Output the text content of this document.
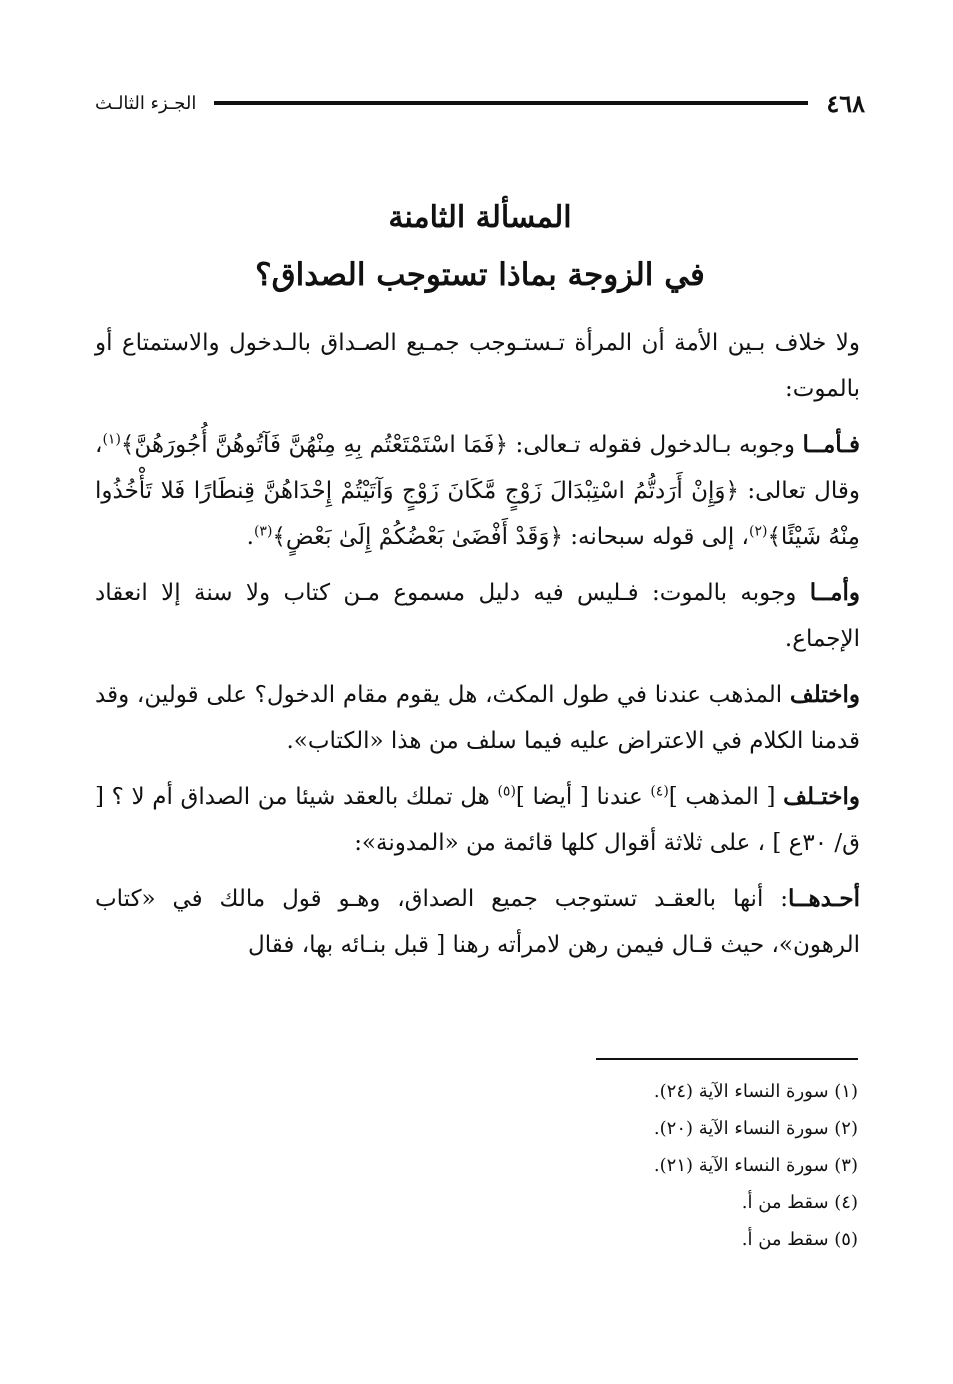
٤٦٨
الجـزء الثالـث
المسألة الثامنة
في الزوجة بماذا تستوجب الصداق؟

ولا خلاف بـين الأمة أن المرأة تـستـوجب جمـيع الصـداق بالـدخول والاستمتاع أو بالموت:

فـأمــا وجوبه بـالدخول فقوله تـعالى: ﴿فَمَا اسْتَمْتَعْتُم بِهِ مِنْهُنَّ فَآتُوهُنَّ أُجُورَهُنَّ﴾$^{(١)}$، وقال تعالى: ﴿وَإِنْ أَرَدتُّمُ اسْتِبْدَالَ زَوْجٍ مَّكَانَ زَوْجٍ وَآتَيْتُمْ إِحْدَاهُنَّ قِنطَارًا فَلا تَأْخُذُوا مِنْهُ شَيْئًا﴾$^{(٢)}$، إلى قوله سبحانه: ﴿وَقَدْ أَفْضَىٰ بَعْضُكُمْ إِلَىٰ بَعْضٍ﴾$^{(٣)}$.

وأمــا وجوبه بالموت: فـليس فيه دليل مسموع مـن كتاب ولا سنة إلا انعقاد الإجماع.

واختلف المذهب عندنا في طول المكث، هل يقوم مقام الدخول؟ على قولين، وقد قدمنا الكلام في الاعتراض عليه فيما سلف من هذا «الكتاب».

واختـلف [ المذهب ]$^{(٤)}$ عندنا [ أيضا ]$^{(٥)}$ هل تملك بالعقد شيئا من الصداق أم لا ؟ [ ق/ ٣٠ع ] ، على ثلاثة أقوال كلها قائمة من «المدونة»:

أحـدهــا: أنها بالعقـد تستوجب جميع الصداق، وهـو قول مالك في «كتاب الرهون»، حيث قـال فيمن رهن لامرأته رهنا [ قبل بنـائه بها، فقال

(١) سورة النساء الآية (٢٤).
(٢) سورة النساء الآية (٢٠).
(٣) سورة النساء الآية (٢١).
(٤) سقط من أ.
(٥) سقط من أ.
